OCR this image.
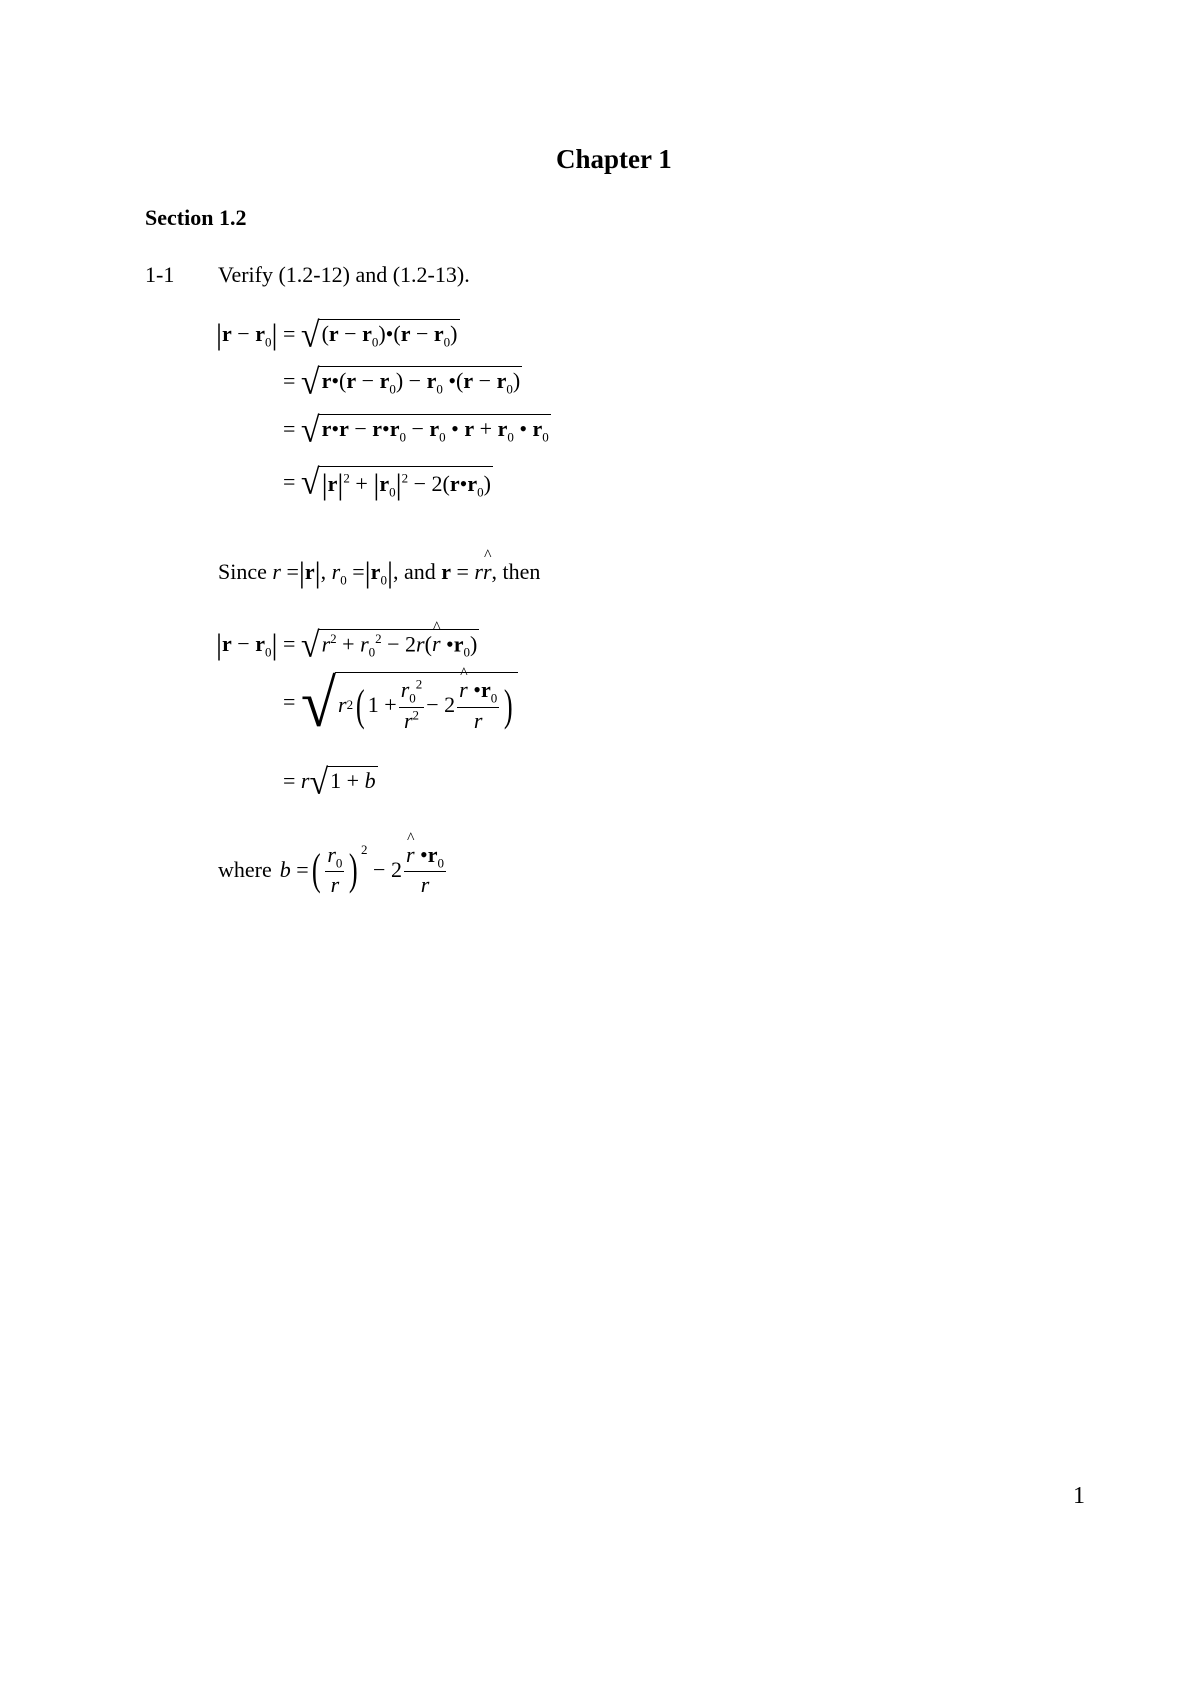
Chapter 1
Section 1.2
1-1 Verify (1.2-12) and (1.2-13).
$|r - r_0|$ = √ $(r - r_0)•(r - r_0)$
= √ r•(r − $r_0) - r_0$ •(r − $r_0$)
= √ r•r − $r•r_0 - r_0$ • $r + r_0$ • $r_0$
= √ $|r|^2 + |r_0|^2$ − $2(r•r_0)$
Since r =|r|, $r_0 =|r_0|$, and r = r^ r, then
$|r - r_0|$ = √ $r^2 + r_0^2$ − 2r(^ r $•r_0$)
= √ r 2 ( $1 + \frac{r_0^2}{r^2} - 2$ ^ $\frac{r •r_0}{r}$ )
= r √ 1 + b
where b = ( $\frac{r_0}{r} )^2$
− 2 ^ $\frac{r •r_0}{r}$
1
